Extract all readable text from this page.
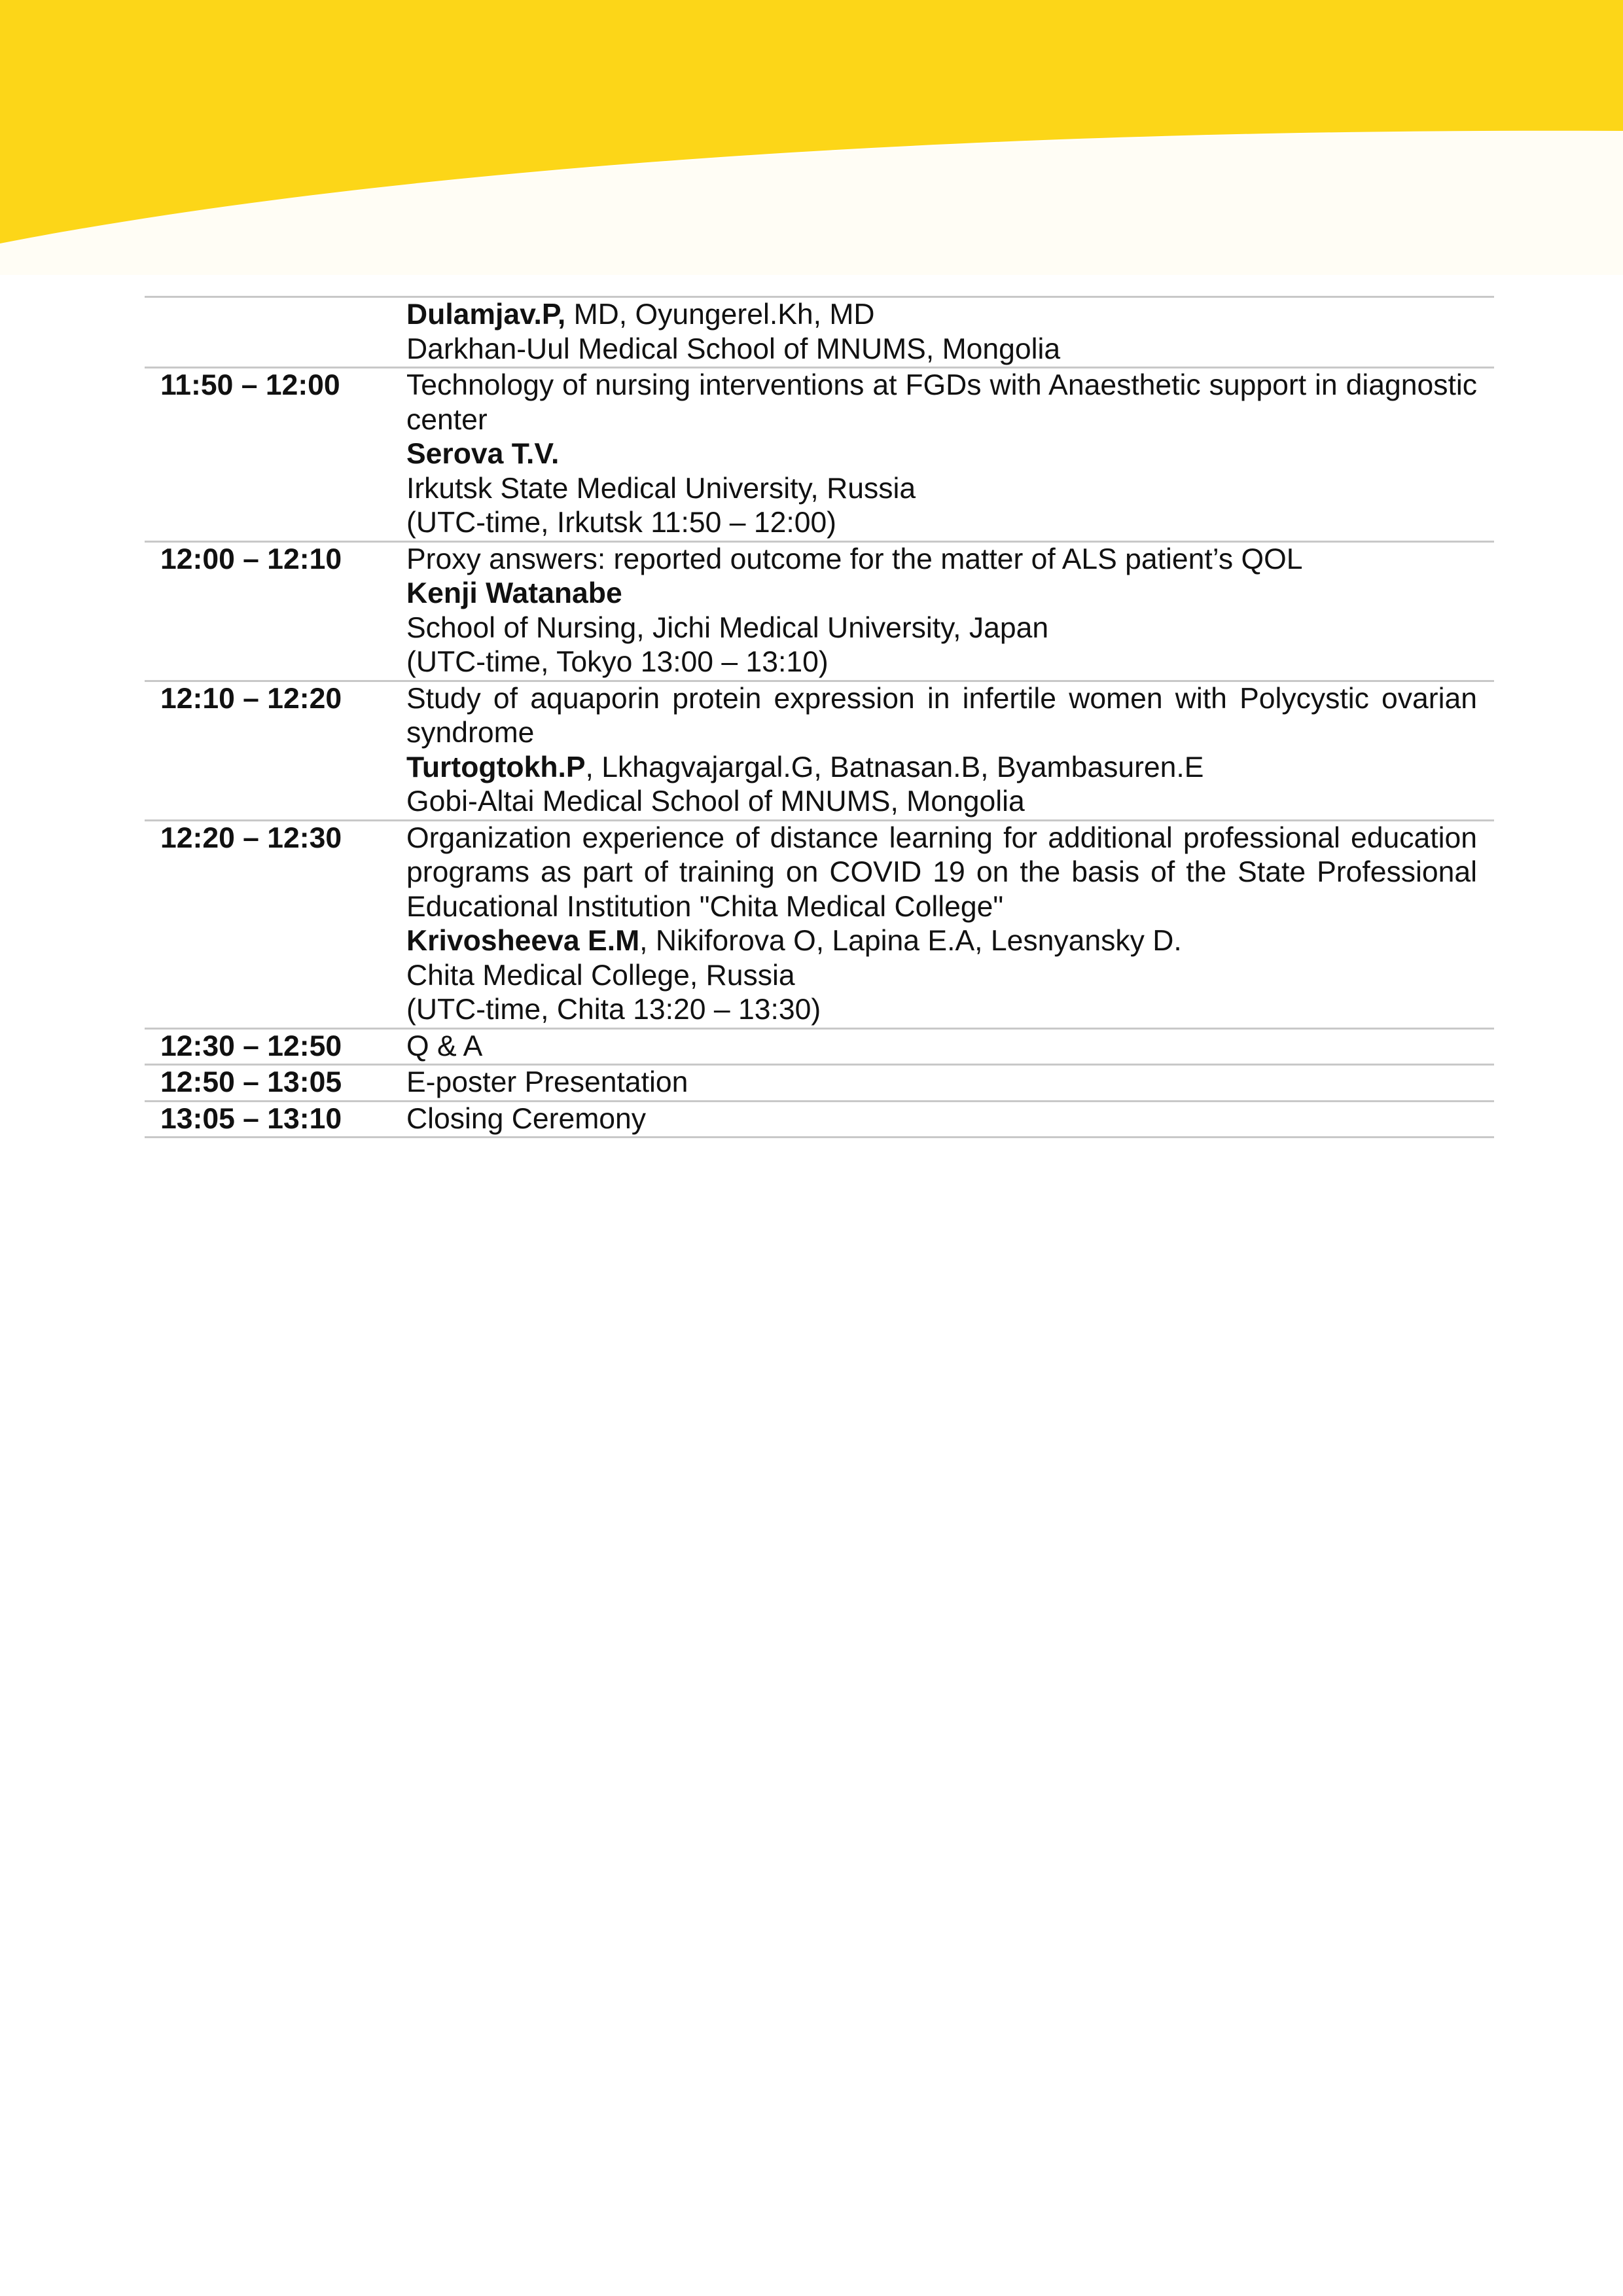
Dulamjav.P, MD, Oyungerel.Kh, MD
Darkhan-Uul Medical School of MNUMS, Mongolia
11:50 – 12:00	Technology of nursing interventions at FGDs with Anaesthetic support in diagnostic center
Serova T.V.
Irkutsk State Medical University, Russia
(UTC-time, Irkutsk 11:50 – 12:00)
12:00 – 12:10	Proxy answers: reported outcome for the matter of ALS patient’s QOL
Kenji Watanabe
School of Nursing, Jichi Medical University, Japan
(UTC-time, Tokyo 13:00 – 13:10)
12:10 – 12:20	Study of aquaporin protein expression in infertile women with Polycystic ovarian syndrome
Turtogtokh.P, Lkhagvajargal.G, Batnasan.B, Byambasuren.E
Gobi-Altai Medical School of MNUMS, Mongolia
12:20 – 12:30	Organization experience of distance learning for additional professional education programs as part of training on COVID 19 on the basis of the State Professional Educational Institution "Chita Medical College"
Krivosheeva E.M, Nikiforova O, Lapina E.A, Lesnyansky D.
Chita Medical College, Russia
(UTC-time, Chita 13:20 – 13:30)
12:30 – 12:50	Q & A
12:50 – 13:05	E-poster Presentation
13:05 – 13:10	Closing Ceremony
